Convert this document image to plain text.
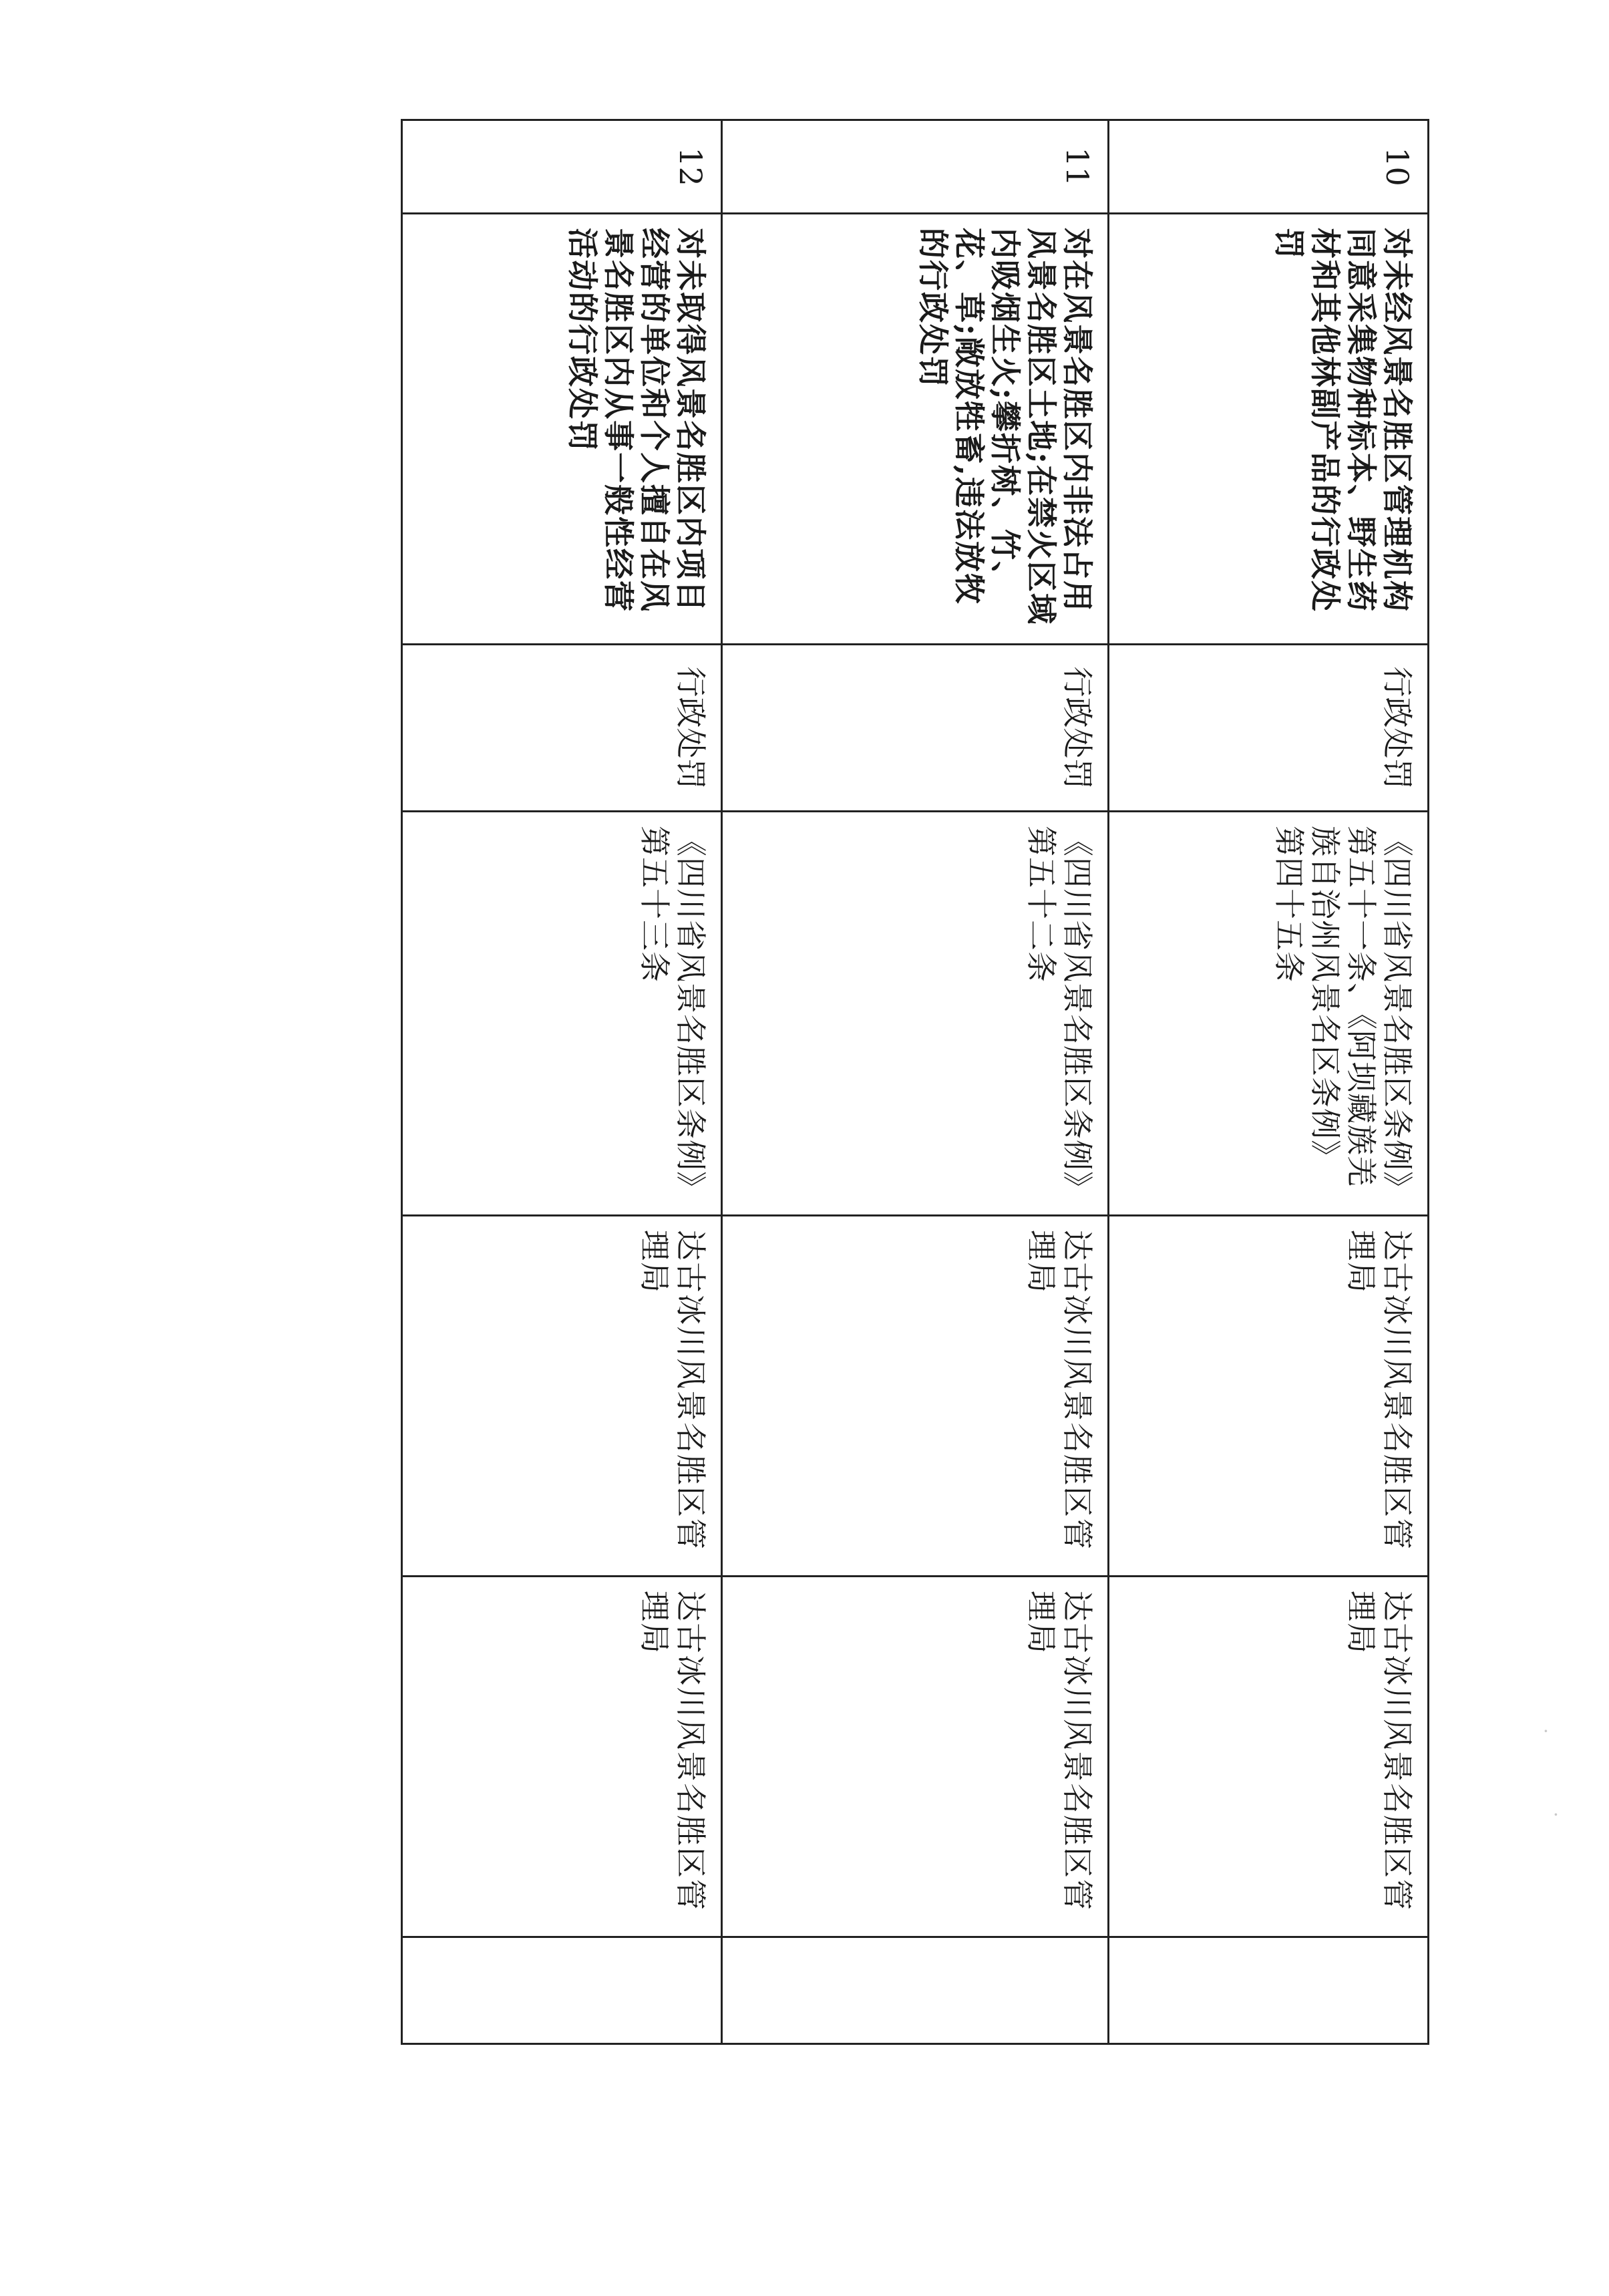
10	对未经风景名胜区管理机构同意采集物种标本、野生药材和其他林副产品的行政处罚	行政处罚	《四川省风景名胜区条例》第五十一条、《阿坝藏族羌族自治州风景名区条例》第四十五条	达古冰川风景名胜区管理局	达古冰川风景名胜区管理局	
11	对在风景名胜区内非法占用风景名胜区土地;在禁火区域内吸烟生火;攀折树、竹、花、草;敞放牲畜,违法放牧的行政处罚	行政处罚	《四川省风景名胜区条例》第五十二条	达古冰川风景名胜区管理局	达古冰川风景名胜区管理局	
12	对未取得风景名胜区内项目经营的单位和个人擅自在风景名胜区内从事一般性经营活动的行政处罚	行政处罚	《四川省风景名胜区条例》第五十三条	达古冰川风景名胜区管理局	达古冰川风景名胜区管理局	
·
·
